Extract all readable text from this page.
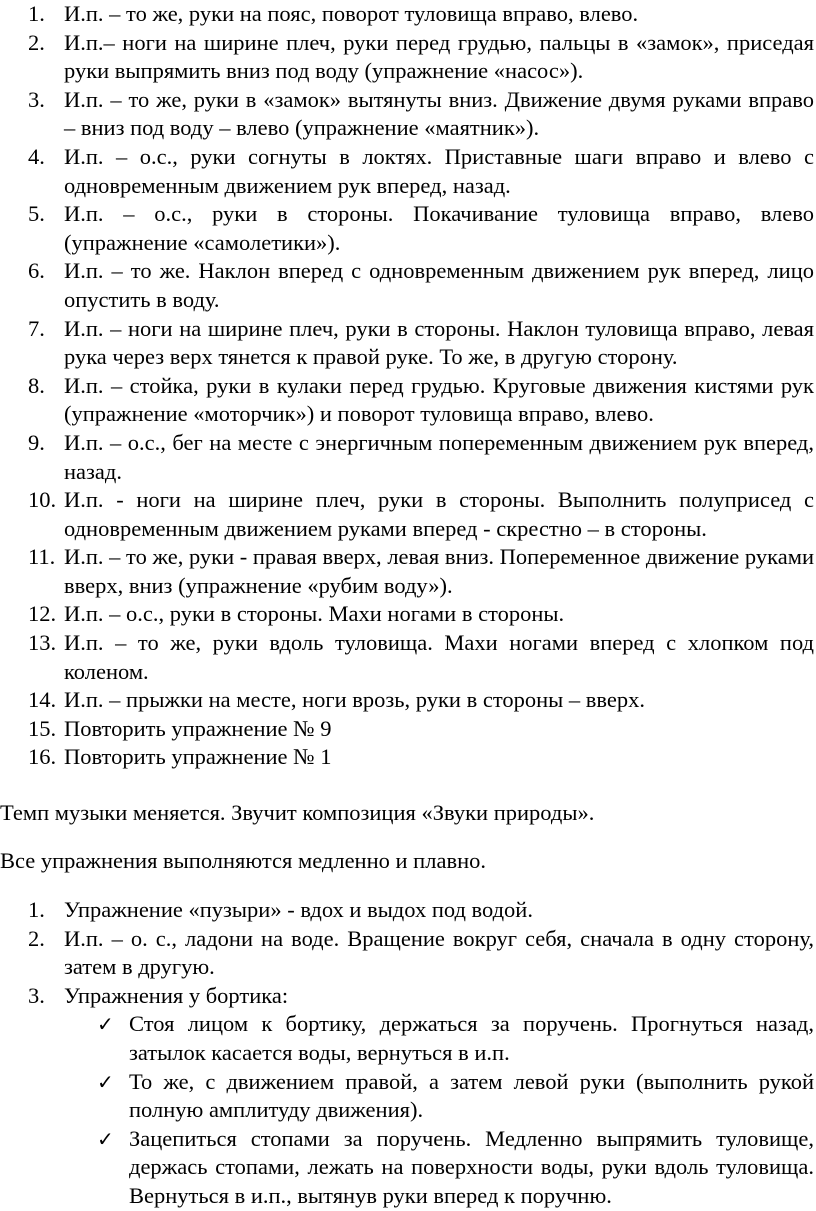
1. И.п. – то же, руки на пояс, поворот туловища вправо, влево.
2. И.п.– ноги на ширине плеч, руки перед грудью, пальцы в «замок», приседая руки выпрямить вниз под воду (упражнение «насос»).
3. И.п. – то же, руки в «замок» вытянуты вниз. Движение двумя руками вправо – вниз под воду – влево (упражнение «маятник»).
4. И.п. – о.с., руки согнуты в локтях. Приставные шаги вправо и влево с одновременным движением рук вперед, назад.
5. И.п. – о.с., руки в стороны. Покачивание туловища вправо, влево (упражнение «самолетики»).
6. И.п. – то же. Наклон вперед с одновременным движением рук вперед, лицо опустить в воду.
7. И.п. – ноги на ширине плеч, руки в стороны. Наклон туловища вправо, левая рука через верх тянется к правой руке. То же, в другую сторону.
8. И.п. – стойка, руки в кулаки перед грудью. Круговые движения кистями рук (упражнение «моторчик») и поворот туловища вправо, влево.
9. И.п. – о.с., бег на месте с энергичным попеременным движением рук вперед, назад.
10. И.п. - ноги на ширине плеч, руки в стороны. Выполнить полуприсед с одновременным движением руками вперед - скрестно – в стороны.
11. И.п. – то же, руки - правая вверх, левая вниз. Попеременное движение руками вверх, вниз (упражнение «рубим воду»).
12. И.п. – о.с., руки в стороны. Махи ногами в стороны.
13. И.п. – то же, руки вдоль туловища. Махи ногами вперед с хлопком под коленом.
14. И.п. – прыжки на месте, ноги врозь, руки в стороны – вверх.
15. Повторить упражнение № 9
16. Повторить упражнение № 1

Темп музыки меняется. Звучит композиция «Звуки природы».

Все упражнения выполняются медленно и плавно.

1. Упражнение «пузыри» - вдох и выдох под водой.
2. И.п. – о. с., ладони на воде. Вращение вокруг себя, сначала в одну сторону, затем в другую.
3. Упражнения у бортика:
✓ Стоя лицом к бортику, держаться за поручень. Прогнуться назад, затылок касается воды, вернуться в и.п.
✓ То же, с движением правой, а затем левой руки (выполнить рукой полную амплитуду движения).
✓ Зацепиться стопами за поручень. Медленно выпрямить туловище, держась стопами, лежать на поверхности воды, руки вдоль туловища. Вернуться в и.п., вытянув руки вперед к поручню.
